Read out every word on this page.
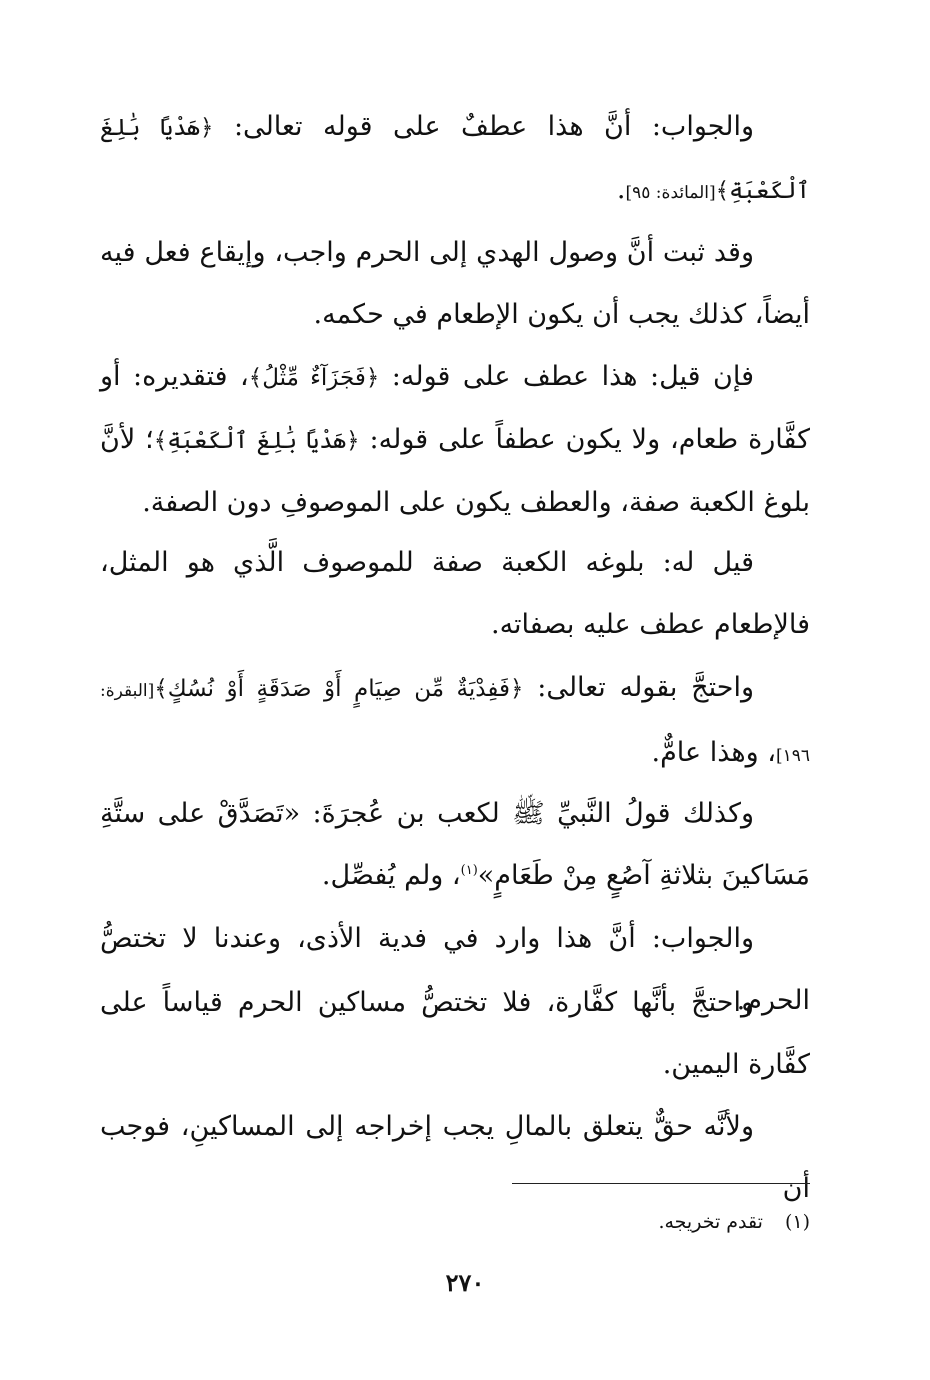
والجواب: أنَّ هذا عطفٌ على قوله تعالى: ﴿هَدْيًا بَٰلِغَ ٱلْكَعْبَةِ﴾[المائدة: ٩٥].

وقد ثبت أنَّ وصول الهدي إلى الحرم واجب، وإيقاع فعل فيه أيضاً، كذلك يجب أن يكون الإطعام في حكمه.

فإن قيل: هذا عطف على قوله: ﴿فَجَزَآءٌ مِّثْلُ﴾، فتقديره: أو كفَّارة طعام، ولا يكون عطفاً على قوله: ﴿هَدْيًا بَٰلِغَ ٱلْكَعْبَةِ﴾؛ لأنَّ بلوغ الكعبة صفة، والعطف يكون على الموصوفِ دون الصفة.

قيل له: بلوغه الكعبة صفة للموصوف الَّذي هو المثل، فالإطعام عطف عليه بصفاته.

واحتجَّ بقوله تعالى: ﴿فَفِدْيَةٌ مِّن صِيَامٍ أَوْ صَدَقَةٍ أَوْ نُسُكٍ﴾[البقرة: ١٩٦]، وهذا عامٌّ.

وكذلك قولُ النَّبيِّ ﷺ لكعب بن عُجرَةَ: «تَصَدَّقْ على ستَّةِ مَسَاكينَ بثلاثةِ آصُعٍ مِنْ طَعَامٍ»$^{(١)}$، ولم يُفصِّل.

والجواب: أنَّ هذا وارد في فدية الأذى، وعندنا لا تختصُّ الحرم.

واحتجَّ بأنَّها كفَّارة، فلا تختصُّ مساكين الحرم قياساً على كفَّارة اليمين.

ولأنَّه حقٌّ يتعلق بالمالِ يجب إخراجه إلى المساكينِ، فوجب أن

(١)تقدم تخريجه.
٢٧٠
